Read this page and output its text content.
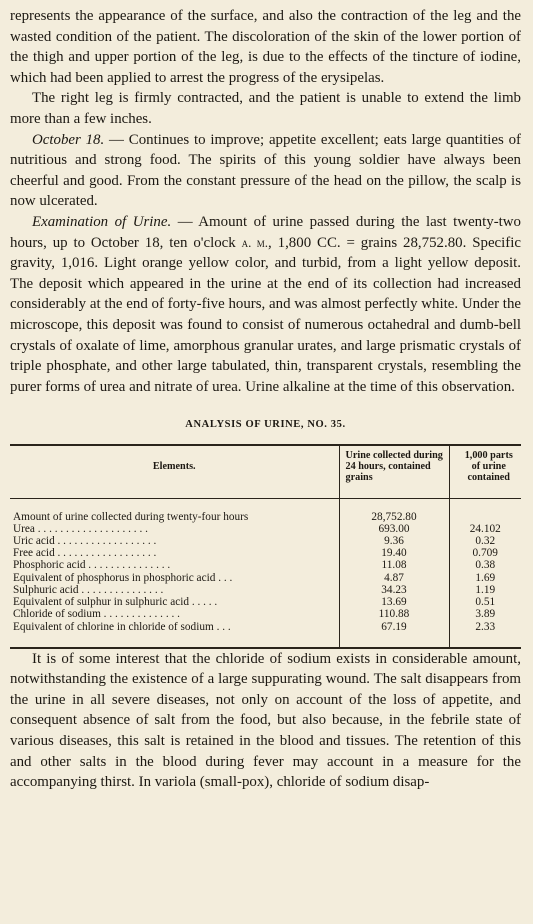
represents the appearance of the surface, and also the contraction of the leg and the wasted condition of the patient. The discoloration of the skin of the lower portion of the thigh and upper portion of the leg, is due to the effects of the tincture of iodine, which had been applied to arrest the progress of the erysipelas.

The right leg is firmly contracted, and the patient is unable to extend the limb more than a few inches.

October 18. — Continues to improve; appetite excellent; eats large quantities of nutritious and strong food. The spirits of this young soldier have always been cheerful and good. From the constant pressure of the head on the pillow, the scalp is now ulcerated.

Examination of Urine. — Amount of urine passed during the last twenty-two hours, up to October 18, ten o'clock a. m., 1,800 CC. = grains 28,752.80. Specific gravity, 1,016. Light orange yellow color, and turbid, from a light yellow deposit. The deposit which appeared in the urine at the end of its collection had increased considerably at the end of forty-five hours, and was almost perfectly white. Under the microscope, this deposit was found to consist of numerous octahedral and dumb-bell crystals of oxalate of lime, amorphous granular urates, and large prismatic crystals of triple phosphate, and other large tabulated, thin, transparent crystals, resembling the purer forms of urea and nitrate of urea. Urine alkaline at the time of this observation.

ANALYSIS OF URINE, NO. 35.
Elements.	Urine collected during 24 hours, contained grains	1,000 parts of urine contained
Amount of urine collected during twenty-four hours	28,752.80	
Urea . . . . . . . . . . . . . . . . . . . .	693.00	24.102
Uric acid . . . . . . . . . . . . . . . . . .	9.36	0.32
Free acid . . . . . . . . . . . . . . . . . .	19.40	0.709
Phosphoric acid . . . . . . . . . . . . . . .	11.08	0.38
Equivalent of phosphorus in phosphoric acid . . .	4.87	1.69
Sulphuric acid . . . . . . . . . . . . . . .	34.23	1.19
Equivalent of sulphur in sulphuric acid . . . . .	13.69	0.51
Chloride of sodium . . . . . . . . . . . . . .	110.88	3.89
Equivalent of chlorine in chloride of sodium . . .	67.19	2.33

It is of some interest that the chloride of sodium exists in considerable amount, notwithstanding the existence of a large suppurating wound. The salt disappears from the urine in all severe diseases, not only on account of the loss of appetite, and consequent absence of salt from the food, but also because, in the febrile state of various diseases, this salt is retained in the blood and tissues. The retention of this and other salts in the blood during fever may account in a measure for the accompanying thirst. In variola (small-pox), chloride of sodium disap-
